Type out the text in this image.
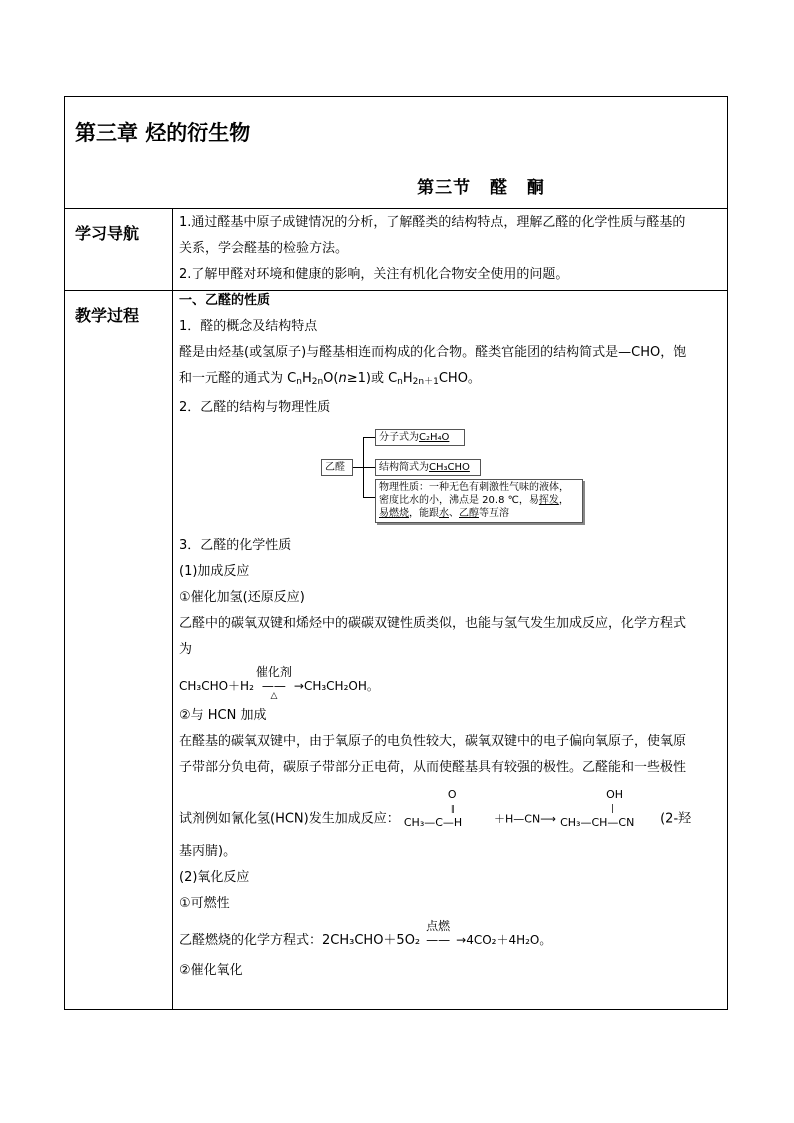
第三章 烃的衍生物
第三节 醛 酮
学习导航

1.通过醛基中原子成键情况的分析，了解醛类的结构特点，理解乙醛的化学性质与醛基的

关系，学会醛基的检验方法。

2.了解甲醛对环境和健康的影响，关注有机化合物安全使用的问题。

教学过程

一、乙醛的性质

1．醛的概念及结构特点

醛是由烃基(或氢原子)与醛基相连而构成的化合物。醛类官能团的结构简式是—CHO，饱

和一元醛的通式为 $C_nH_{2n}O(n\ge 1)$或 $C_nH_{2n+1}CHO$。

2．乙醛的结构与物理性质

乙醛
分子式为C₂H₄O
结构简式为CH₃CHO
物理性质：一种无色有刺激性气味的液体，
密度比水的小，沸点是 20.8 ℃，易挥发，
易燃烧，能跟水、乙醇等互溶

3．乙醛的化学性质

(1)加成反应

①催化加氢(还原反应)

乙醛中的碳氧双键和烯烃中的碳碳双键性质类似，也能与氢气发生加成反应，化学方程式

为

CH₃CHO＋H₂
催化剂
——
△
→CH₃CH₂OH。

②与 HCN 加成

在醛基的碳氧双键中，由于氧原子的电负性较大，碳氧双键中的电子偏向氧原子，使氧原

子带部分负电荷，碳原子带部分正电荷，从而使醛基具有较强的极性。乙醛能和一些极性

试剂例如氰化氢(HCN)发生加成反应：
O
‖
CH₃—C—H	＋H—CN⟶
OH
|
CH₃—CH—CN (2-羟

基丙腈)。

(2)氧化反应

①可燃性

乙醛燃烧的化学方程式：2CH₃CHO＋5O₂
点燃
—— →4CO₂＋4H₂O。

②催化氧化
